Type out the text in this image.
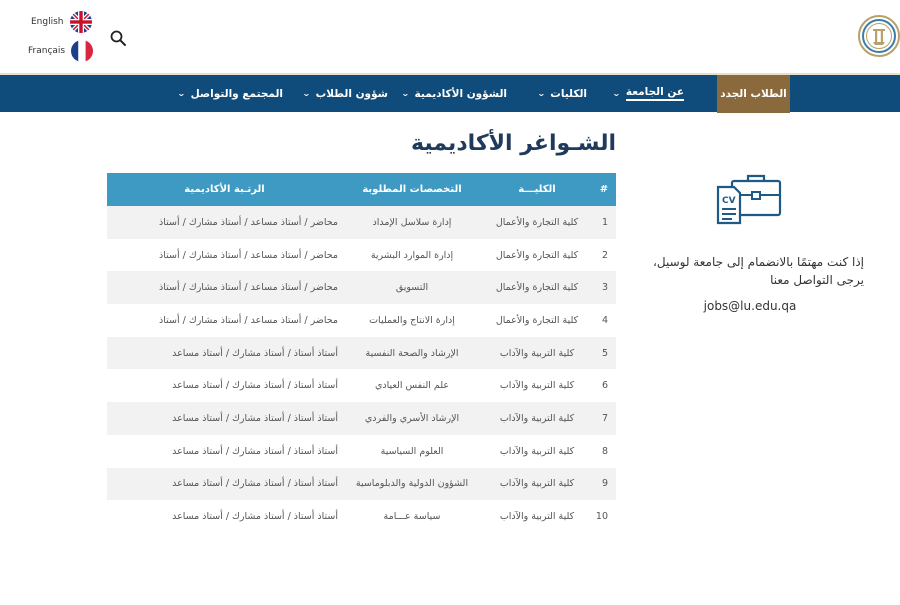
English
Français
الطلاب الجدد
عن الجامعة
⌄
الكليات
⌄
الشؤون الأكاديمية
⌄
شؤون الطلاب
⌄
المجتمع والتواصل
⌄
الشـواغر الأكاديمية
#	الكليـــة	التخصصات المطلوبة	الرتـبة الأكاديمية
1	كلية التجارة والأعمال	إدارة سلاسل الإمداد	محاضر / أستاذ مساعد / أستاذ مشارك / أستاذ
2	كلية التجارة والأعمال	إدارة الموارد البشرية	محاضر / أستاذ مساعد / أستاذ مشارك / أستاذ
3	كلية التجارة والأعمال	التسويق	محاضر / أستاذ مساعد / أستاذ مشارك / أستاذ
4	كلية التجارة والأعمال	إدارة الانتاج والعمليات	محاضر / أستاذ مساعد / أستاذ مشارك / أستاذ
5	كلية التربية والآداب	الإرشاد والصحة النفسية	أستاذ أستاذ / أستاذ مشارك / أستاذ مساعد
6	كلية التربية والآداب	علم النفس العيادي	أستاذ أستاذ / أستاذ مشارك / أستاذ مساعد
7	كلية التربية والآداب	الإرشاد الأسري والفردي	أستاذ أستاذ / أستاذ مشارك / أستاذ مساعد
8	كلية التربية والآداب	العلوم السياسية	أستاذ أستاذ / أستاذ مشارك / أستاذ مساعد
9	كلية التربية والآداب	الشؤون الدولية والدبلوماسية	أستاذ أستاذ / أستاذ مشارك / أستاذ مساعد
10	كلية التربية والآداب	سياسة عـــامة	أستاذ أستاذ / أستاذ مشارك / أستاذ مساعد
CV
إذا كنت مهتمًا بالانضمام إلى جامعة لوسيل، يرجى التواصل معنا
jobs@lu.edu.qa
